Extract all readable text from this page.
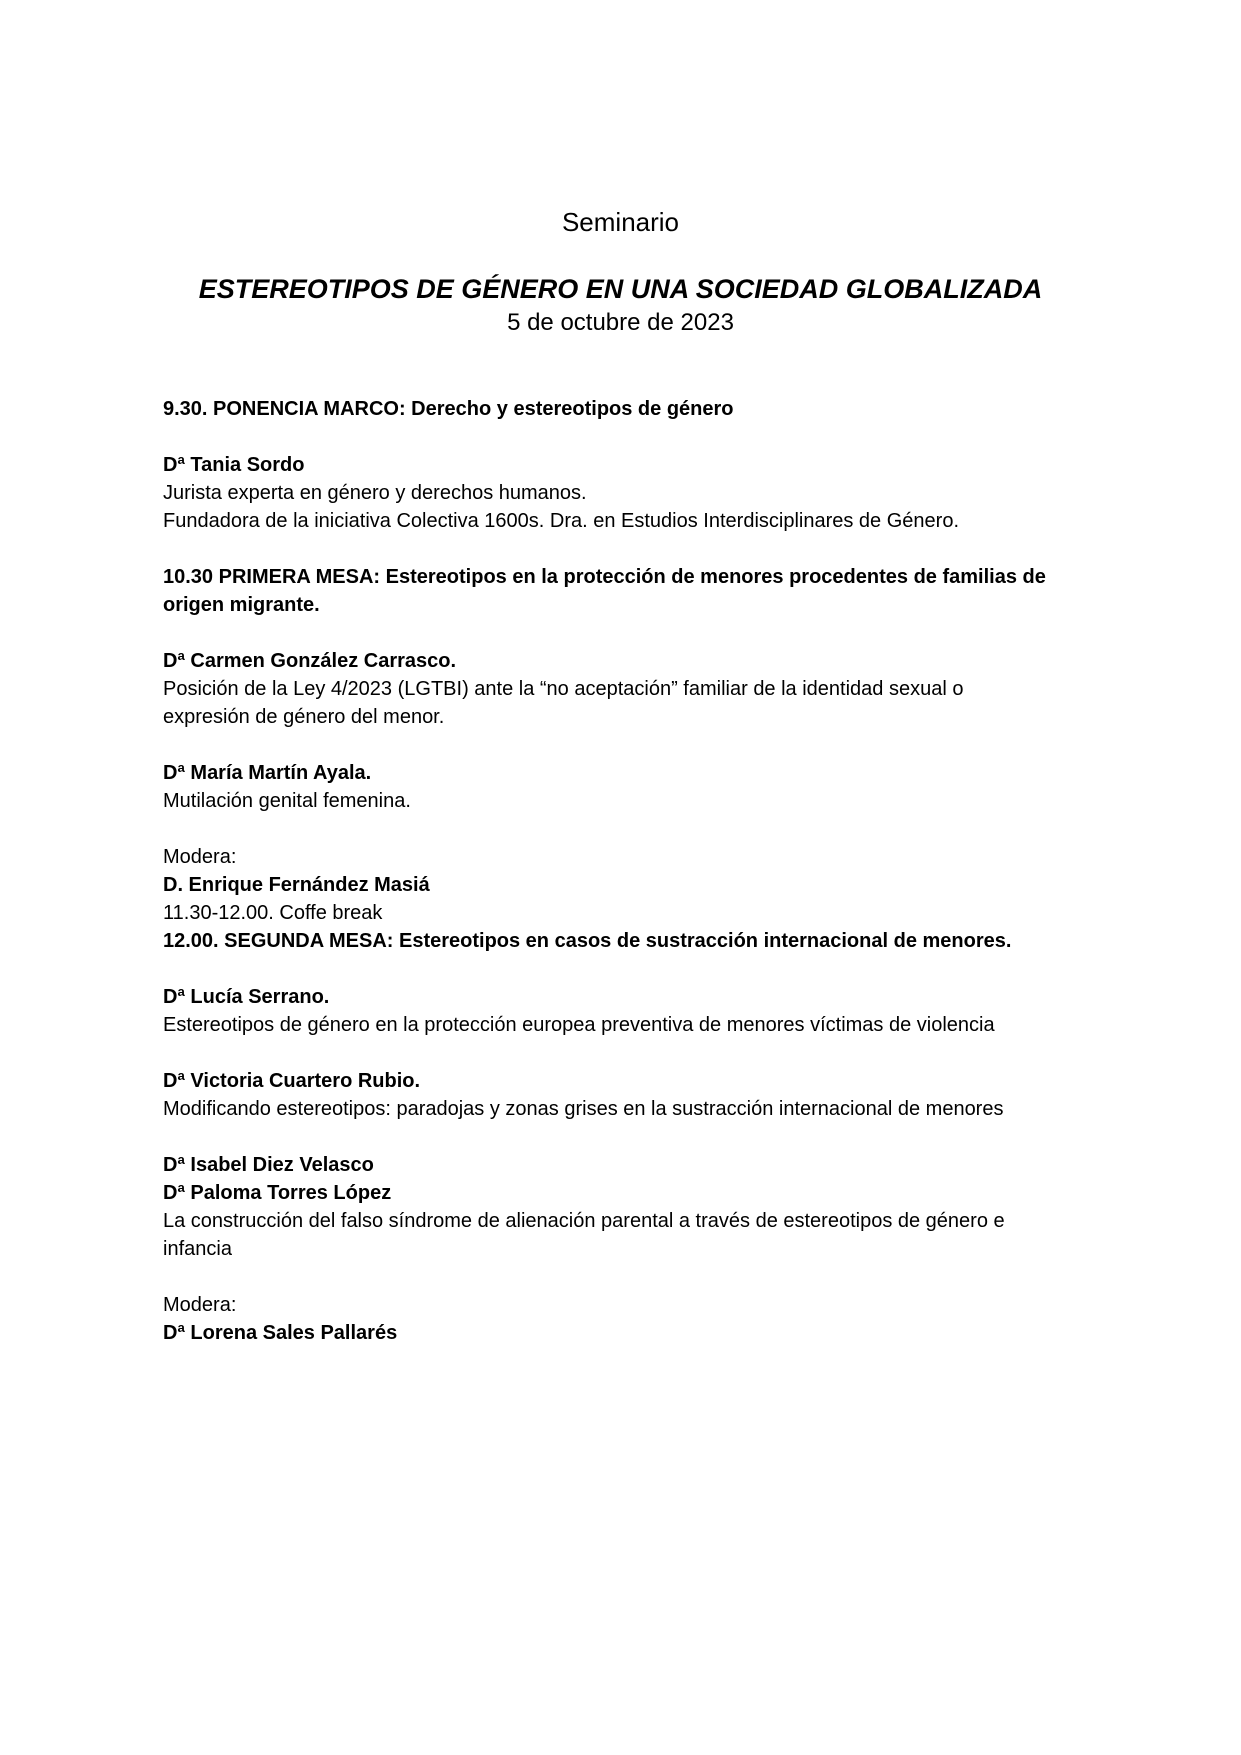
Seminario
ESTEREOTIPOS DE GÉNERO EN UNA SOCIEDAD GLOBALIZADA
5 de octubre de 2023
9.30. PONENCIA MARCO: Derecho y estereotipos de género
Dª Tania Sordo
Jurista experta en género y derechos humanos.
Fundadora de la iniciativa Colectiva 1600s. Dra. en Estudios Interdisciplinares de Género.
10.30 PRIMERA MESA: Estereotipos en la protección de menores procedentes de familias de
origen migrante.
Dª Carmen González Carrasco.
Posición de la Ley 4/2023 (LGTBI) ante la “no aceptación” familiar de la identidad sexual o
expresión de género del menor.
Dª María Martín Ayala.
Mutilación genital femenina.
Modera:
D. Enrique Fernández Masiá
11.30-12.00. Coffe break
12.00. SEGUNDA MESA: Estereotipos en casos de sustracción internacional de menores.
Dª Lucía Serrano.
Estereotipos de género en la protección europea preventiva de menores víctimas de violencia
Dª Victoria Cuartero Rubio.
Modificando estereotipos: paradojas y zonas grises en la sustracción internacional de menores
Dª Isabel Diez Velasco
Dª Paloma Torres López
La construcción del falso síndrome de alienación parental a través de estereotipos de género e
infancia
Modera:
Dª Lorena Sales Pallarés
